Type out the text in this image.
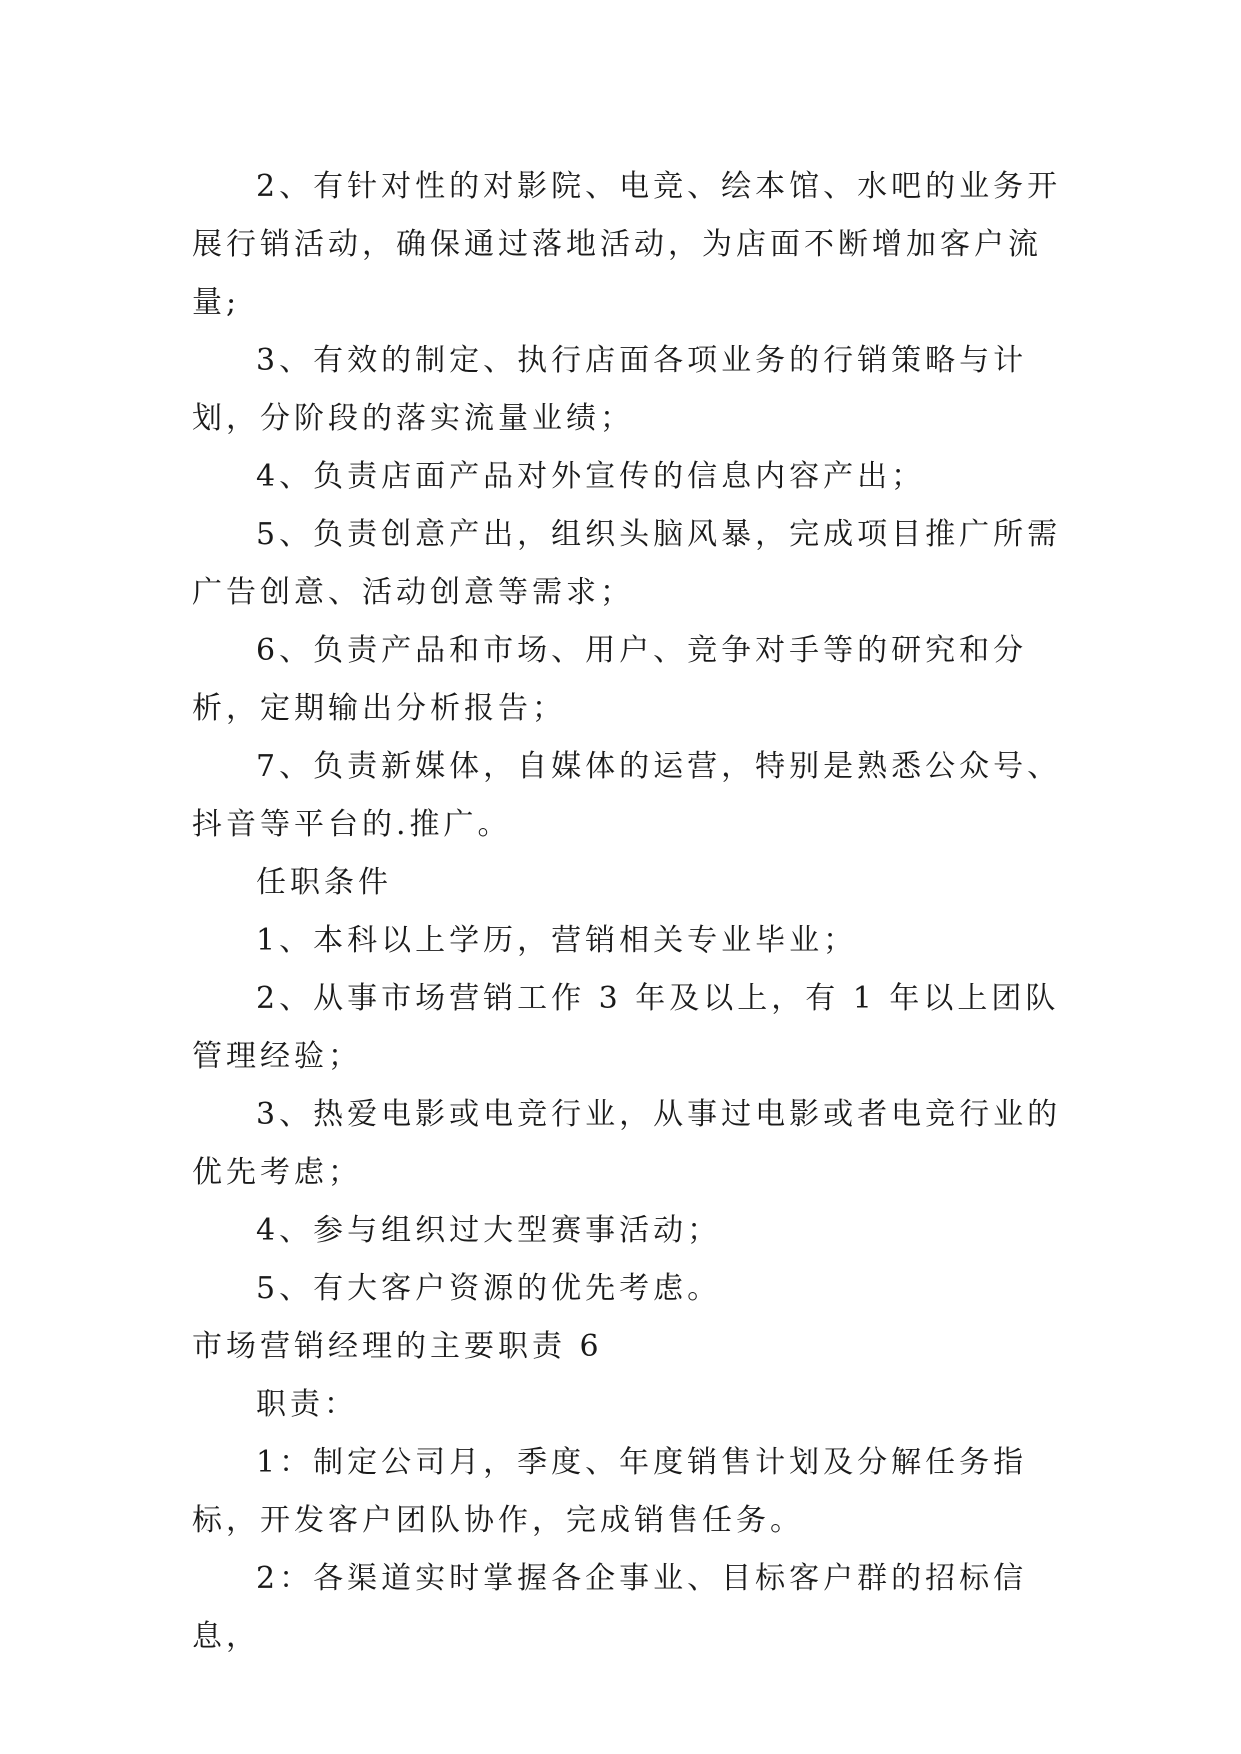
2、有针对性的对影院、电竞、绘本馆、水吧的业务开展行销活动，确保通过落地活动，为店面不断增加客户流量;

3、有效的制定、执行店面各项业务的行销策略与计划，分阶段的落实流量业绩；

4、负责店面产品对外宣传的信息内容产出；

5、负责创意产出，组织头脑风暴，完成项目推广所需广告创意、活动创意等需求；

6、负责产品和市场、用户、竞争对手等的研究和分析，定期输出分析报告；

7、负责新媒体，自媒体的运营，特别是熟悉公众号、抖音等平台的.推广。

任职条件

1、本科以上学历，营销相关专业毕业；

2、从事市场营销工作 3 年及以上，有 1 年以上团队管理经验；

3、热爱电影或电竞行业，从事过电影或者电竞行业的优先考虑；

4、参与组织过大型赛事活动；

5、有大客户资源的优先考虑。

市场营销经理的主要职责 6

职责：

1：制定公司月，季度、年度销售计划及分解任务指标，开发客户团队协作，完成销售任务。

2：各渠道实时掌握各企事业、目标客户群的招标信息，
